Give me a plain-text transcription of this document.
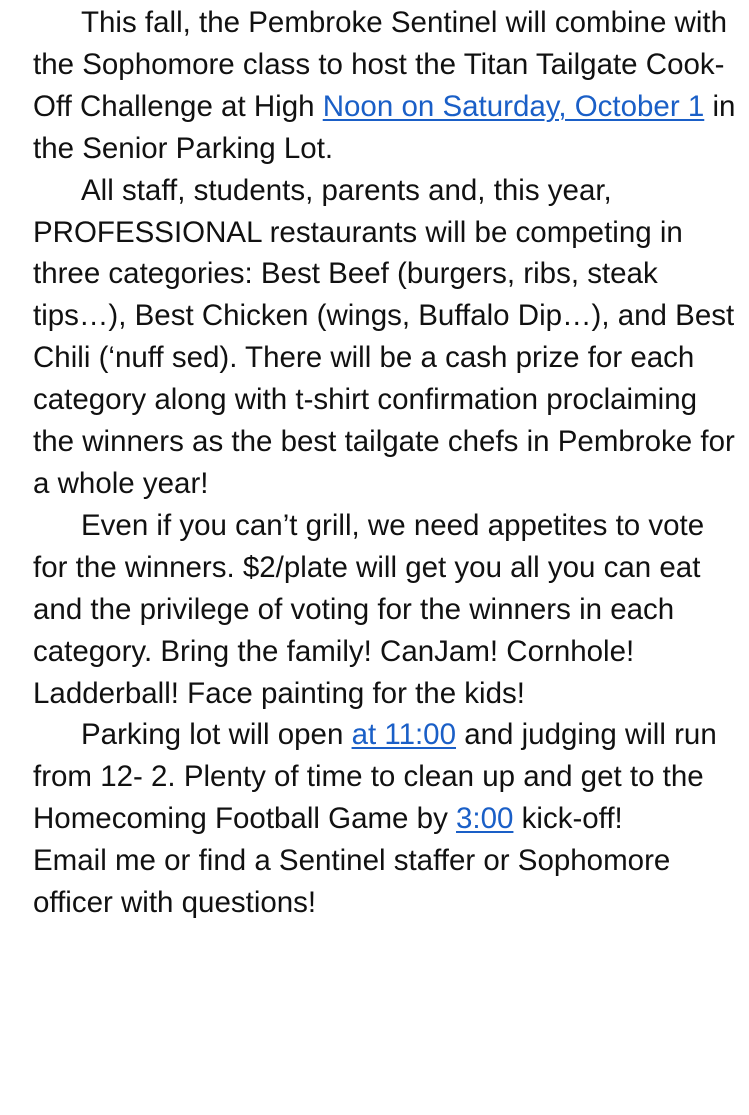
This fall, the Pembroke Sentinel will combine with the Sophomore class to host the Titan Tailgate Cook-Off Challenge at High Noon on Saturday, October 1 in the Senior Parking Lot.

All staff, students, parents and, this year, PROFESSIONAL restaurants will be competing in three categories: Best Beef (burgers, ribs, steak tips…), Best Chicken (wings, Buffalo Dip…), and Best Chili (‘nuff sed). There will be a cash prize for each category along with t-shirt confirmation proclaiming the winners as the best tailgate chefs in Pembroke for a whole year!

Even if you can’t grill, we need appetites to vote for the winners. $2/plate will get you all you can eat and the privilege of voting for the winners in each category. Bring the family! CanJam! Cornhole! Ladderball! Face painting for the kids!

Parking lot will open at 11:00 and judging will run from 12- 2. Plenty of time to clean up and get to the Homecoming Football Game by 3:00 kick-off!

Email me or find a Sentinel staffer or Sophomore officer with questions!
